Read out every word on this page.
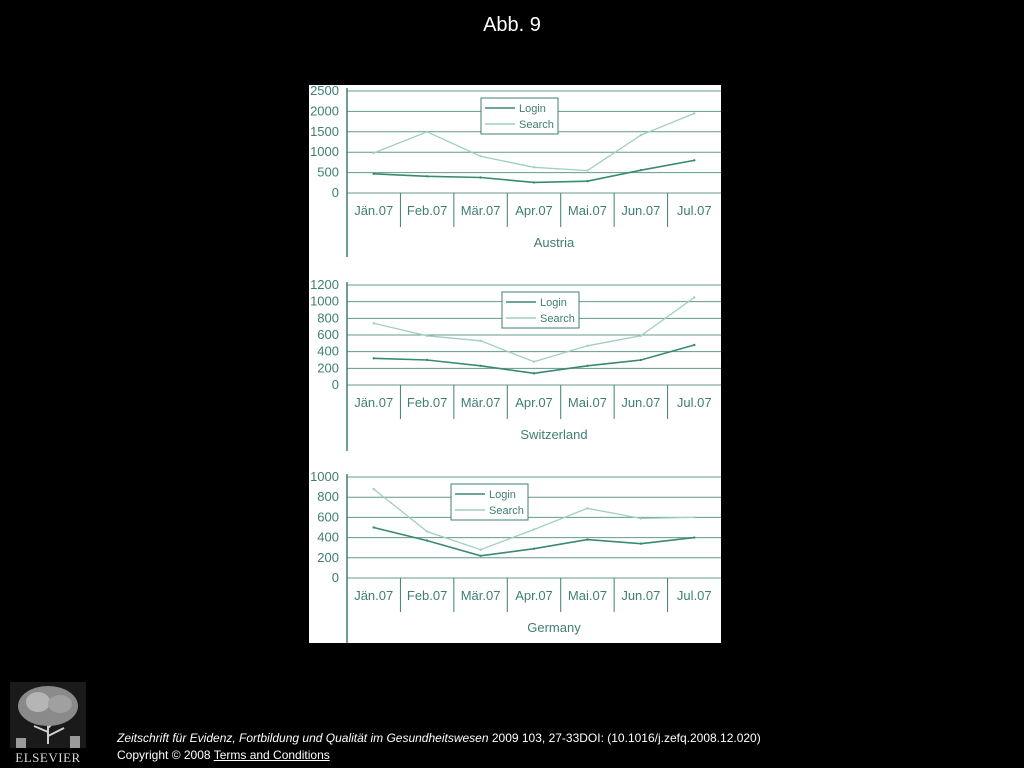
Abb. 9
0
500
1000
1500
2000
2500
Jän.07 Feb.07 Mär.07 Apr.07 Mai.07 Jun.07 Jul.07
Austria
Login
Search
0
200
400
600
800
1000
1200
Jän.07 Feb.07 Mär.07 Apr.07 Mai.07 Jun.07 Jul.07
Switzerland
Login
Search
0
200
400
600
800
1000
Jän.07 Feb.07 Mär.07 Apr.07 Mai.07 Jun.07 Jul.07
Germany
Login
Search
ELSEVIER
Zeitschrift für Evidenz, Fortbildung und Qualität im Gesundheitswesen 2009 103, 27-33DOI: (10.1016/j.zefq.2008.12.020)
Copyright © 2008 Terms and Conditions
